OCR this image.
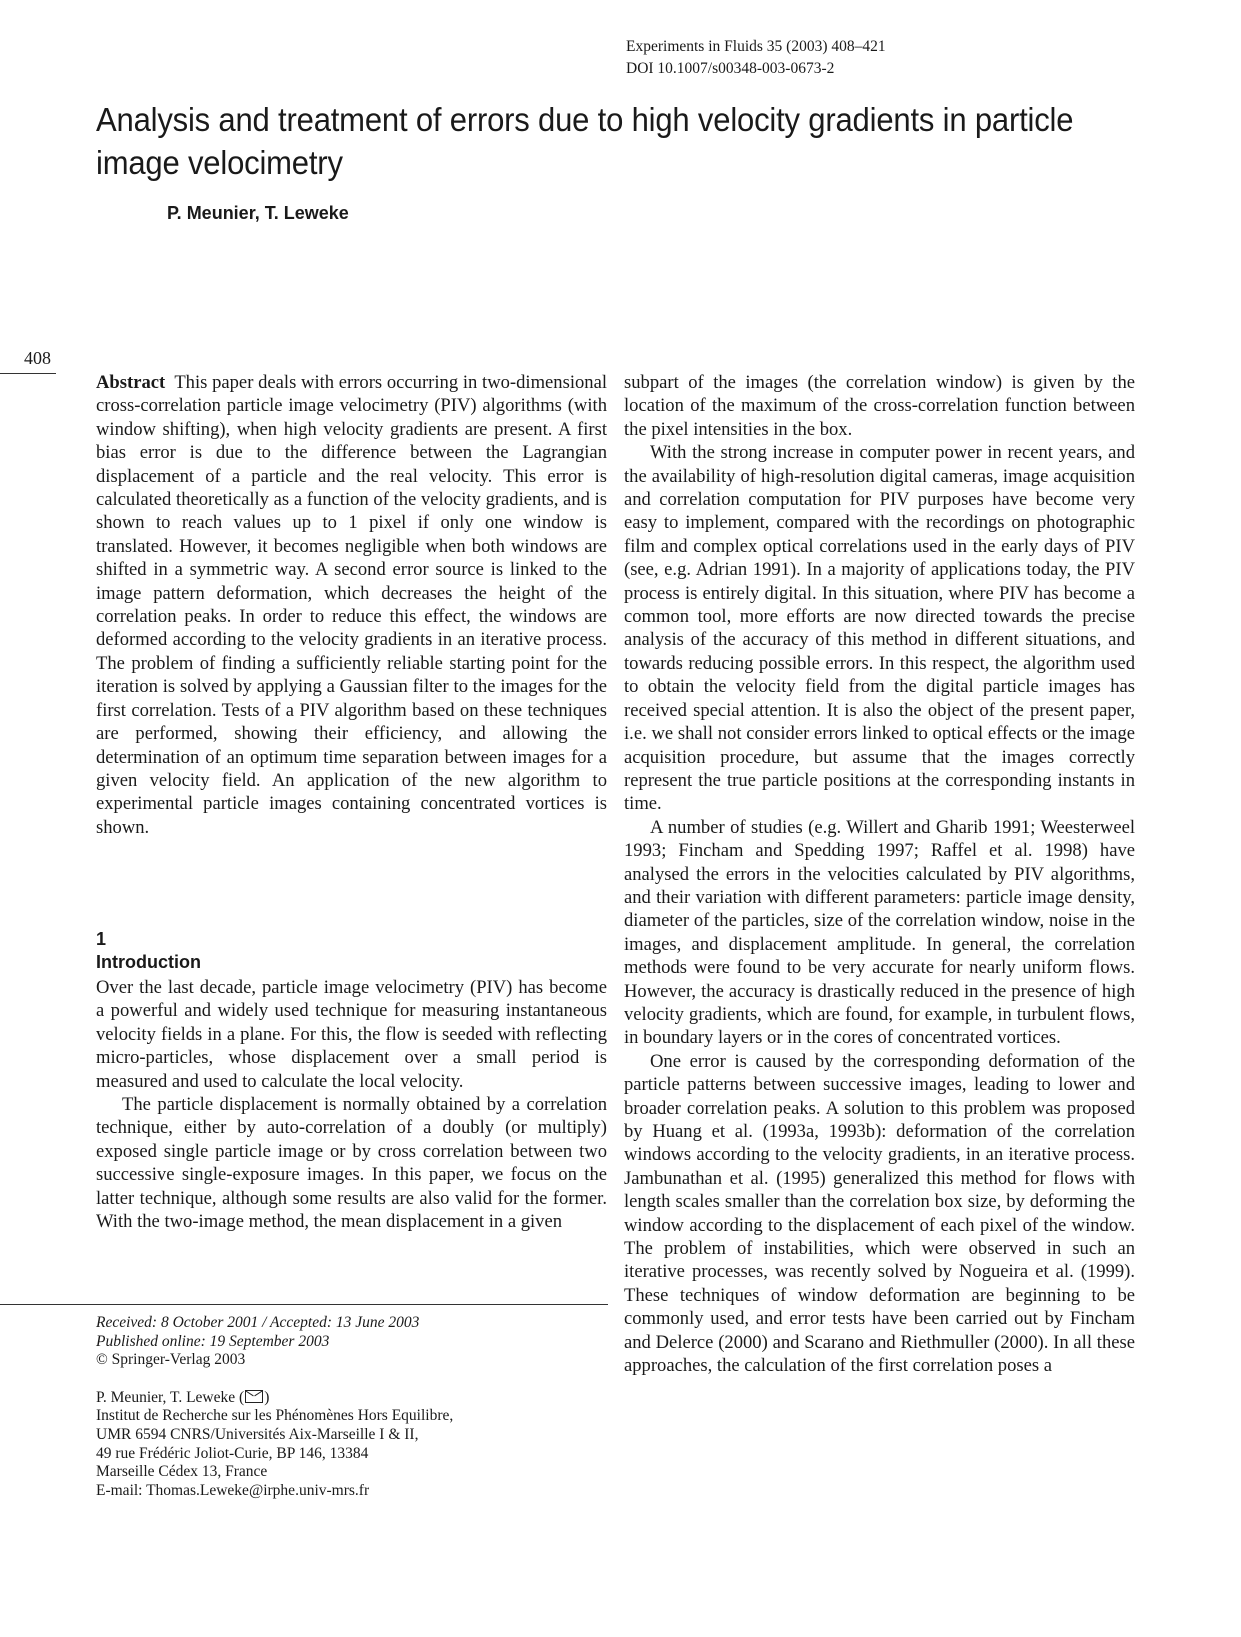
Experiments in Fluids 35 (2003) 408–421
DOI 10.1007/s00348-003-0673-2
Analysis and treatment of errors due to high velocity gradients in particle image velocimetry
P. Meunier, T. Leweke
408

Abstract This paper deals with errors occurring in two-dimensional cross-correlation particle image velocimetry (PIV) algorithms (with window shifting), when high velocity gradients are present. A first bias error is due to the difference between the Lagrangian displacement of a particle and the real velocity. This error is calculated theoretically as a function of the velocity gradients, and is shown to reach values up to 1 pixel if only one window is translated. However, it becomes negligible when both windows are shifted in a symmetric way. A second error source is linked to the image pattern deformation, which decreases the height of the correlation peaks. In order to reduce this effect, the windows are deformed according to the velocity gradients in an iterative process. The problem of finding a sufficiently reliable starting point for the iteration is solved by applying a Gaussian filter to the images for the first correlation. Tests of a PIV algorithm based on these techniques are performed, showing their efficiency, and allowing the determination of an optimum time separation between images for a given velocity field. An application of the new algorithm to experimental particle images containing concentrated vortices is shown.

1
Introduction

Over the last decade, particle image velocimetry (PIV) has become a powerful and widely used technique for measuring instantaneous velocity fields in a plane. For this, the flow is seeded with reflecting micro-particles, whose displacement over a small period is measured and used to calculate the local velocity.

The particle displacement is normally obtained by a correlation technique, either by auto-correlation of a doubly (or multiply) exposed single particle image or by cross correlation between two successive single-exposure images. In this paper, we focus on the latter technique, although some results are also valid for the former. With the two-image method, the mean displacement in a given

subpart of the images (the correlation window) is given by the location of the maximum of the cross-correlation function between the pixel intensities in the box.

With the strong increase in computer power in recent years, and the availability of high-resolution digital cameras, image acquisition and correlation computation for PIV purposes have become very easy to implement, compared with the recordings on photographic film and complex optical correlations used in the early days of PIV (see, e.g. Adrian 1991). In a majority of applications today, the PIV process is entirely digital. In this situation, where PIV has become a common tool, more efforts are now directed towards the precise analysis of the accuracy of this method in different situations, and towards reducing possible errors. In this respect, the algorithm used to obtain the velocity field from the digital particle images has received special attention. It is also the object of the present paper, i.e. we shall not consider errors linked to optical effects or the image acquisition procedure, but assume that the images correctly represent the true particle positions at the corresponding instants in time.

A number of studies (e.g. Willert and Gharib 1991; Weesterweel 1993; Fincham and Spedding 1997; Raffel et al. 1998) have analysed the errors in the velocities calculated by PIV algorithms, and their variation with different parameters: particle image density, diameter of the particles, size of the correlation window, noise in the images, and displacement amplitude. In general, the correlation methods were found to be very accurate for nearly uniform flows. However, the accuracy is drastically reduced in the presence of high velocity gradients, which are found, for example, in turbulent flows, in boundary layers or in the cores of concentrated vortices.

One error is caused by the corresponding deformation of the particle patterns between successive images, leading to lower and broader correlation peaks. A solution to this problem was proposed by Huang et al. (1993a, 1993b): deformation of the correlation windows according to the velocity gradients, in an iterative process. Jambunathan et al. (1995) generalized this method for flows with length scales smaller than the correlation box size, by deforming the window according to the displacement of each pixel of the window. The problem of instabilities, which were observed in such an iterative processes, was recently solved by Nogueira et al. (1999). These techniques of window deformation are beginning to be commonly used, and error tests have been carried out by Fincham and Delerce (2000) and Scarano and Riethmuller (2000). In all these approaches, the calculation of the first correlation poses a

Received: 8 October 2001 / Accepted: 13 June 2003

Published online: 19 September 2003

© Springer-Verlag 2003

P. Meunier, T. Leweke ( )

Institut de Recherche sur les Phénomènes Hors Equilibre,

UMR 6594 CNRS/Universités Aix-Marseille I & II,

49 rue Frédéric Joliot-Curie, BP 146, 13384

Marseille Cédex 13, France

E-mail: Thomas.Leweke@irphe.univ-mrs.fr
